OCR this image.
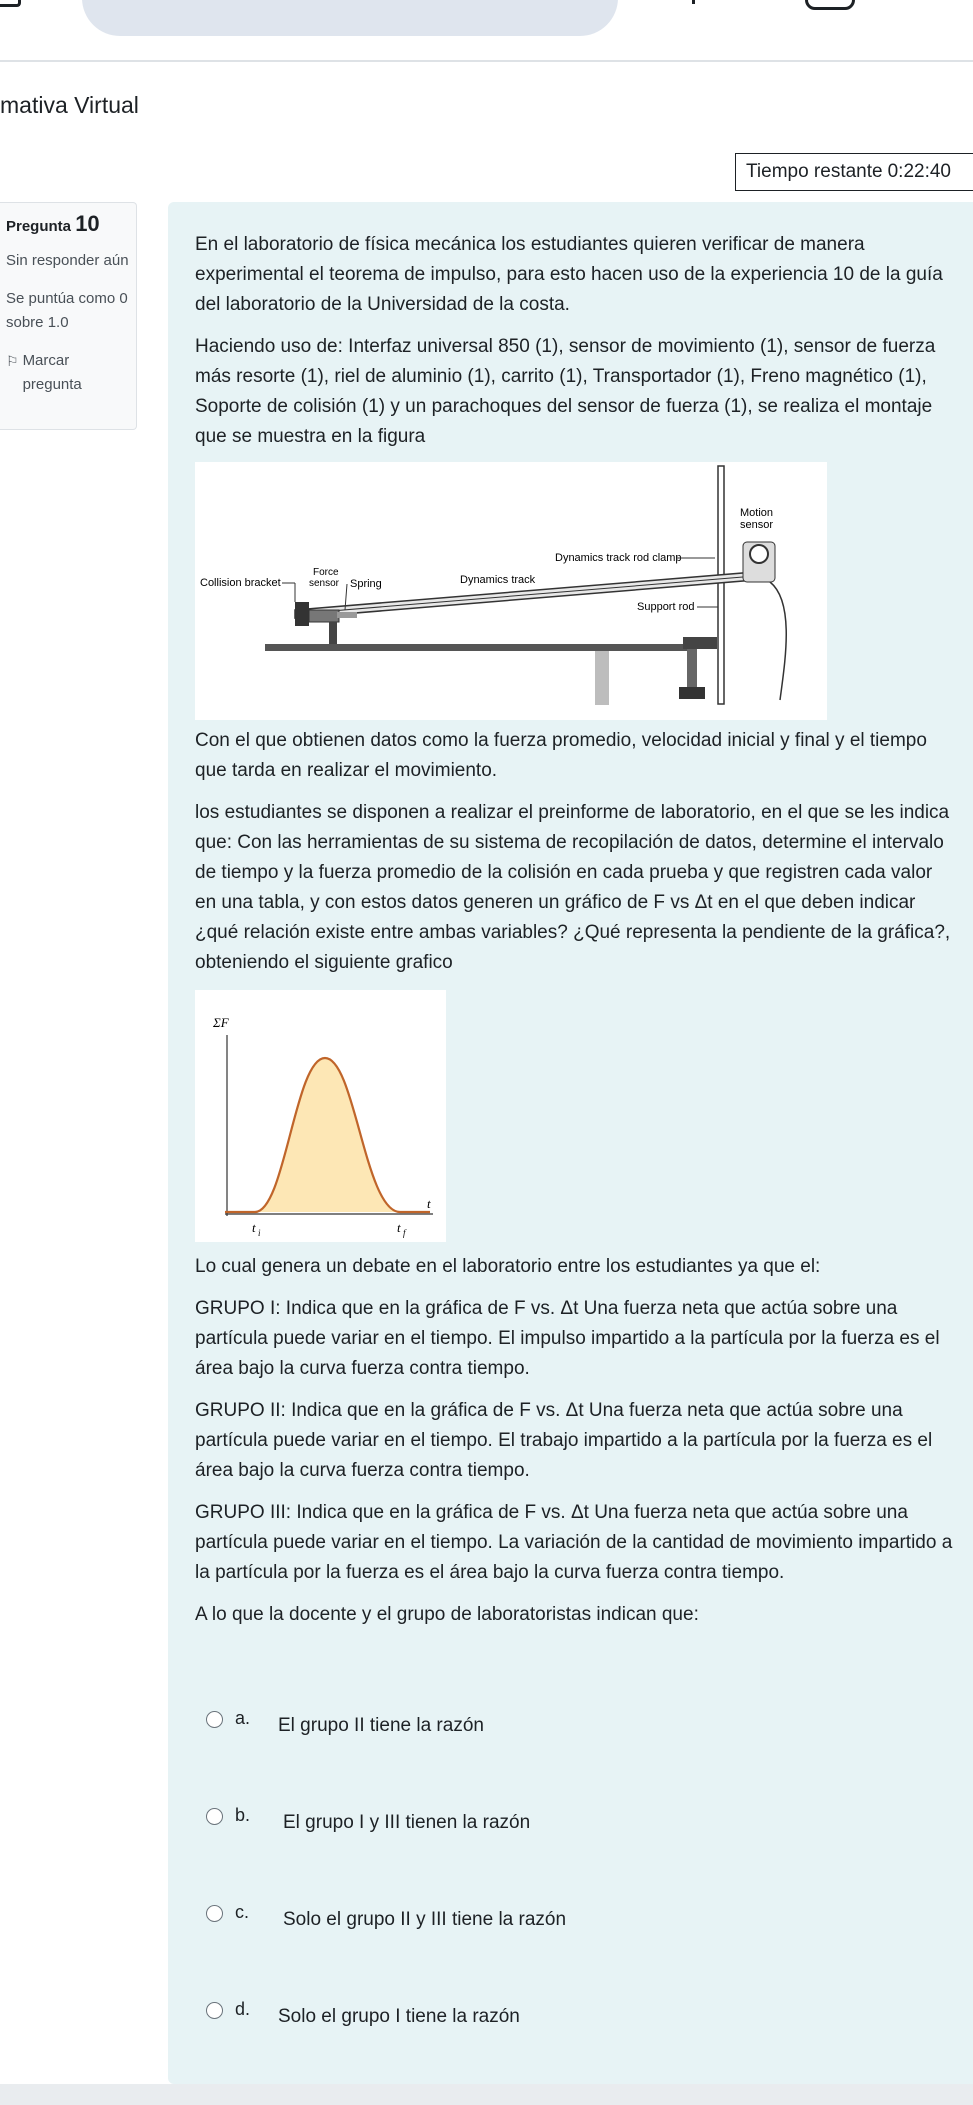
mativa Virtual
Tiempo restante 0:22:40
Pregunta 10
Sin responder aún
Se puntúa como 0 sobre 1.0
⚐ Marcar pregunta

En el laboratorio de física mecánica los estudiantes quieren verificar de manera experimental el teorema de impulso, para esto hacen uso de la experiencia 10 de la guía del laboratorio de la Universidad de la costa.

Haciendo uso de: Interfaz universal 850 (1), sensor de movimiento (1), sensor de fuerza más resorte (1), riel de aluminio (1), carrito (1), Transportador (1), Freno magnético (1), Soporte de colisión (1) y un parachoques del sensor de fuerza (1), se realiza el montaje que se muestra en la figura

Collision bracket
Force
sensor Spring	Dynamics track
Dynamics track rod clamp
Support rod
Motion
sensor

Con el que obtienen datos como la fuerza promedio, velocidad inicial y final y el tiempo que tarda en realizar el movimiento.

los estudiantes se disponen a realizar el preinforme de laboratorio, en el que se les indica que: Con las herramientas de su sistema de recopilación de datos, determine el intervalo de tiempo y la fuerza promedio de la colisión en cada prueba y que registren cada valor en una tabla, y con estos datos generen un gráfico de F vs Δt en el que deben indicar ¿qué relación existe entre ambas variables? ¿Qué representa la pendiente de la gráfica?, obteniendo el siguiente grafico

ΣF
t
t i	t f

Lo cual genera un debate en el laboratorio entre los estudiantes ya que el:

GRUPO I: Indica que en la gráfica de F vs. Δt Una fuerza neta que actúa sobre una partícula puede variar en el tiempo. El impulso impartido a la partícula por la fuerza es el área bajo la curva fuerza contra tiempo.

GRUPO II: Indica que en la gráfica de F vs. Δt Una fuerza neta que actúa sobre una partícula puede variar en el tiempo. El trabajo impartido a la partícula por la fuerza es el área bajo la curva fuerza contra tiempo.

GRUPO III: Indica que en la gráfica de F vs. Δt Una fuerza neta que actúa sobre una partícula puede variar en el tiempo. La variación de la cantidad de movimiento impartido a la partícula por la fuerza es el área bajo la curva fuerza contra tiempo.

A lo que la docente y el grupo de laboratoristas indican que:

a. El grupo II tiene la razón
b. El grupo I y III tienen la razón
c. Solo el grupo II y III tiene la razón
d. Solo el grupo I tiene la razón
